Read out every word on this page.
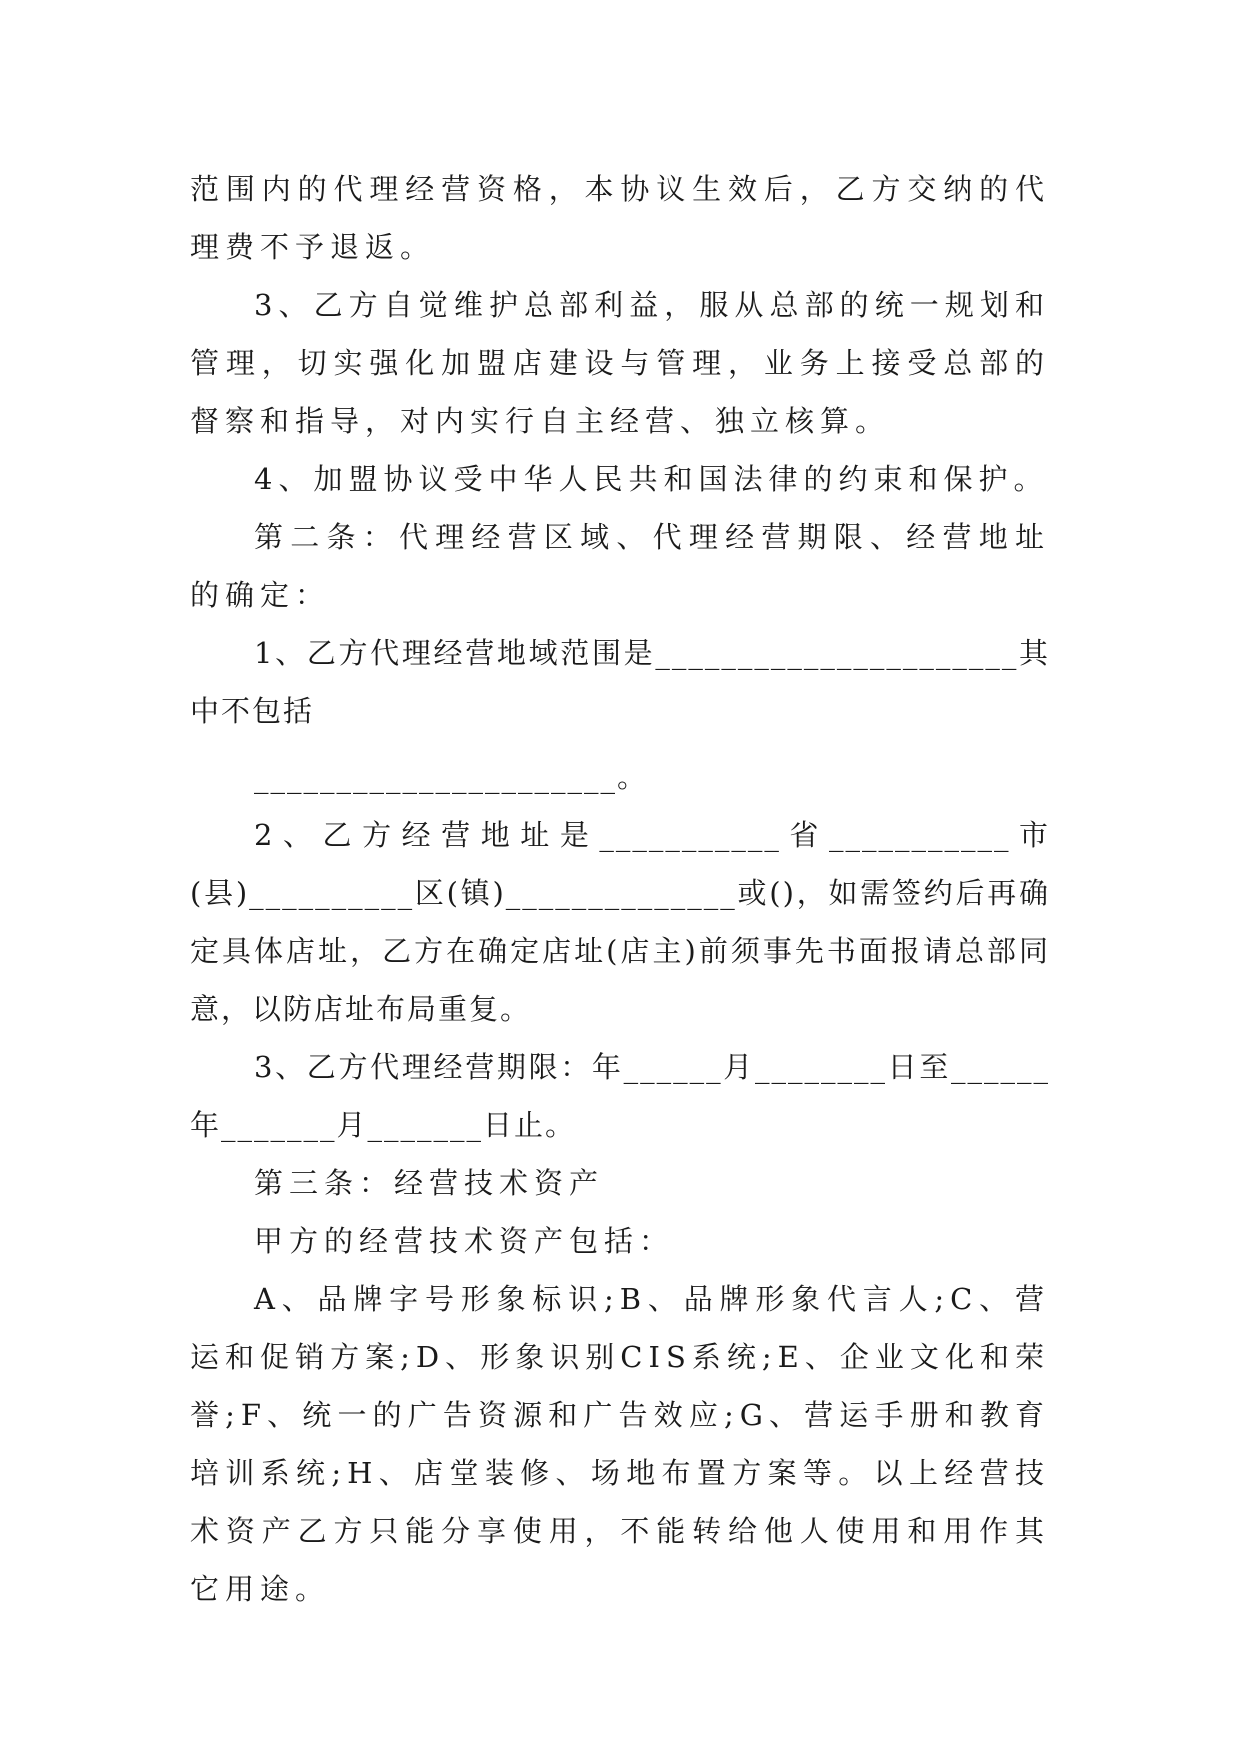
范围内的代理经营资格，本协议生效后，乙方交纳的代理费不予退返。

3、乙方自觉维护总部利益，服从总部的统一规划和管理，切实强化加盟店建设与管理，业务上接受总部的督察和指导，对内实行自主经营、独立核算。

4、加盟协议受中华人民共和国法律的约束和保护。

第二条：代理经营区域、代理经营期限、经营地址的确定：

1、乙方代理经营地域范围是______________________其中不包括

______________________。

2、乙方经营地址是___________省___________市(县)__________区(镇)______________或()，如需签约后再确定具体店址，乙方在确定店址(店主)前须事先书面报请总部同意，以防店址布局重复。

3、乙方代理经营期限：年______月________日至______年_______月_______日止。

第三条：经营技术资产

甲方的经营技术资产包括：

A、品牌字号形象标识;B、品牌形象代言人;C、营运和促销方案;D、形象识别CIS系统;E、企业文化和荣誉;F、统一的广告资源和广告效应;G、营运手册和教育培训系统;H、店堂装修、场地布置方案等。以上经营技术资产乙方只能分享使用，不能转给他人使用和用作其它用途。
